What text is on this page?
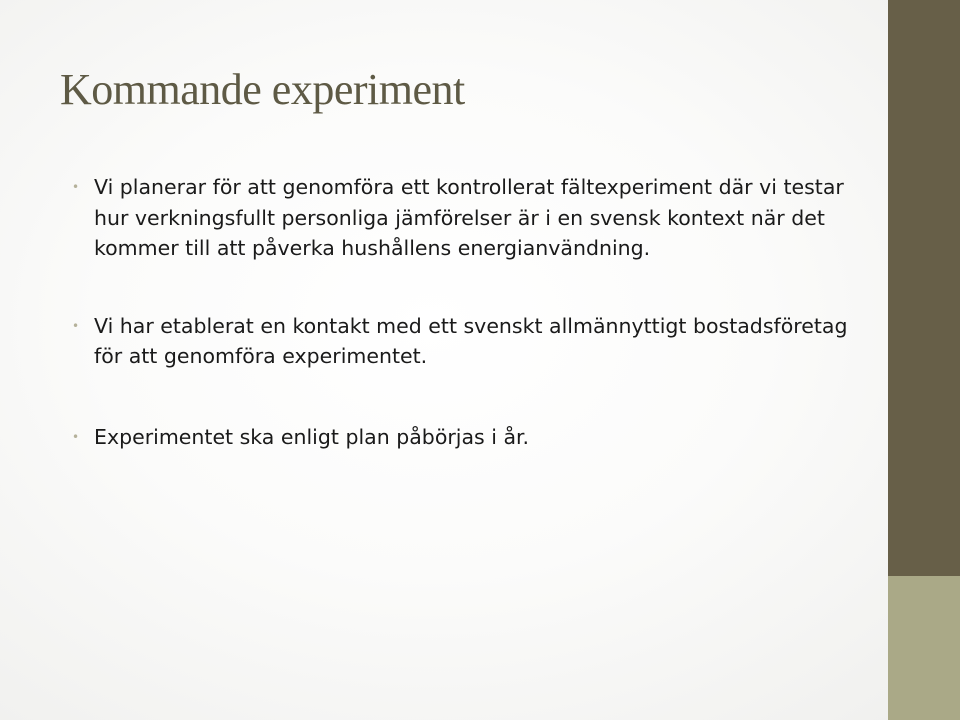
Kommande experiment
• Vi planerar för att genomföra ett kontrollerat fältexperiment där vi testar hur verkningsfullt personliga jämförelser är i en svensk kontext när det kommer till att påverka hushållens energianvändning.
• Vi har etablerat en kontakt med ett svenskt allmännyttigt bostadsföretag för att genomföra experimentet.
• Experimentet ska enligt plan påbörjas i år.
